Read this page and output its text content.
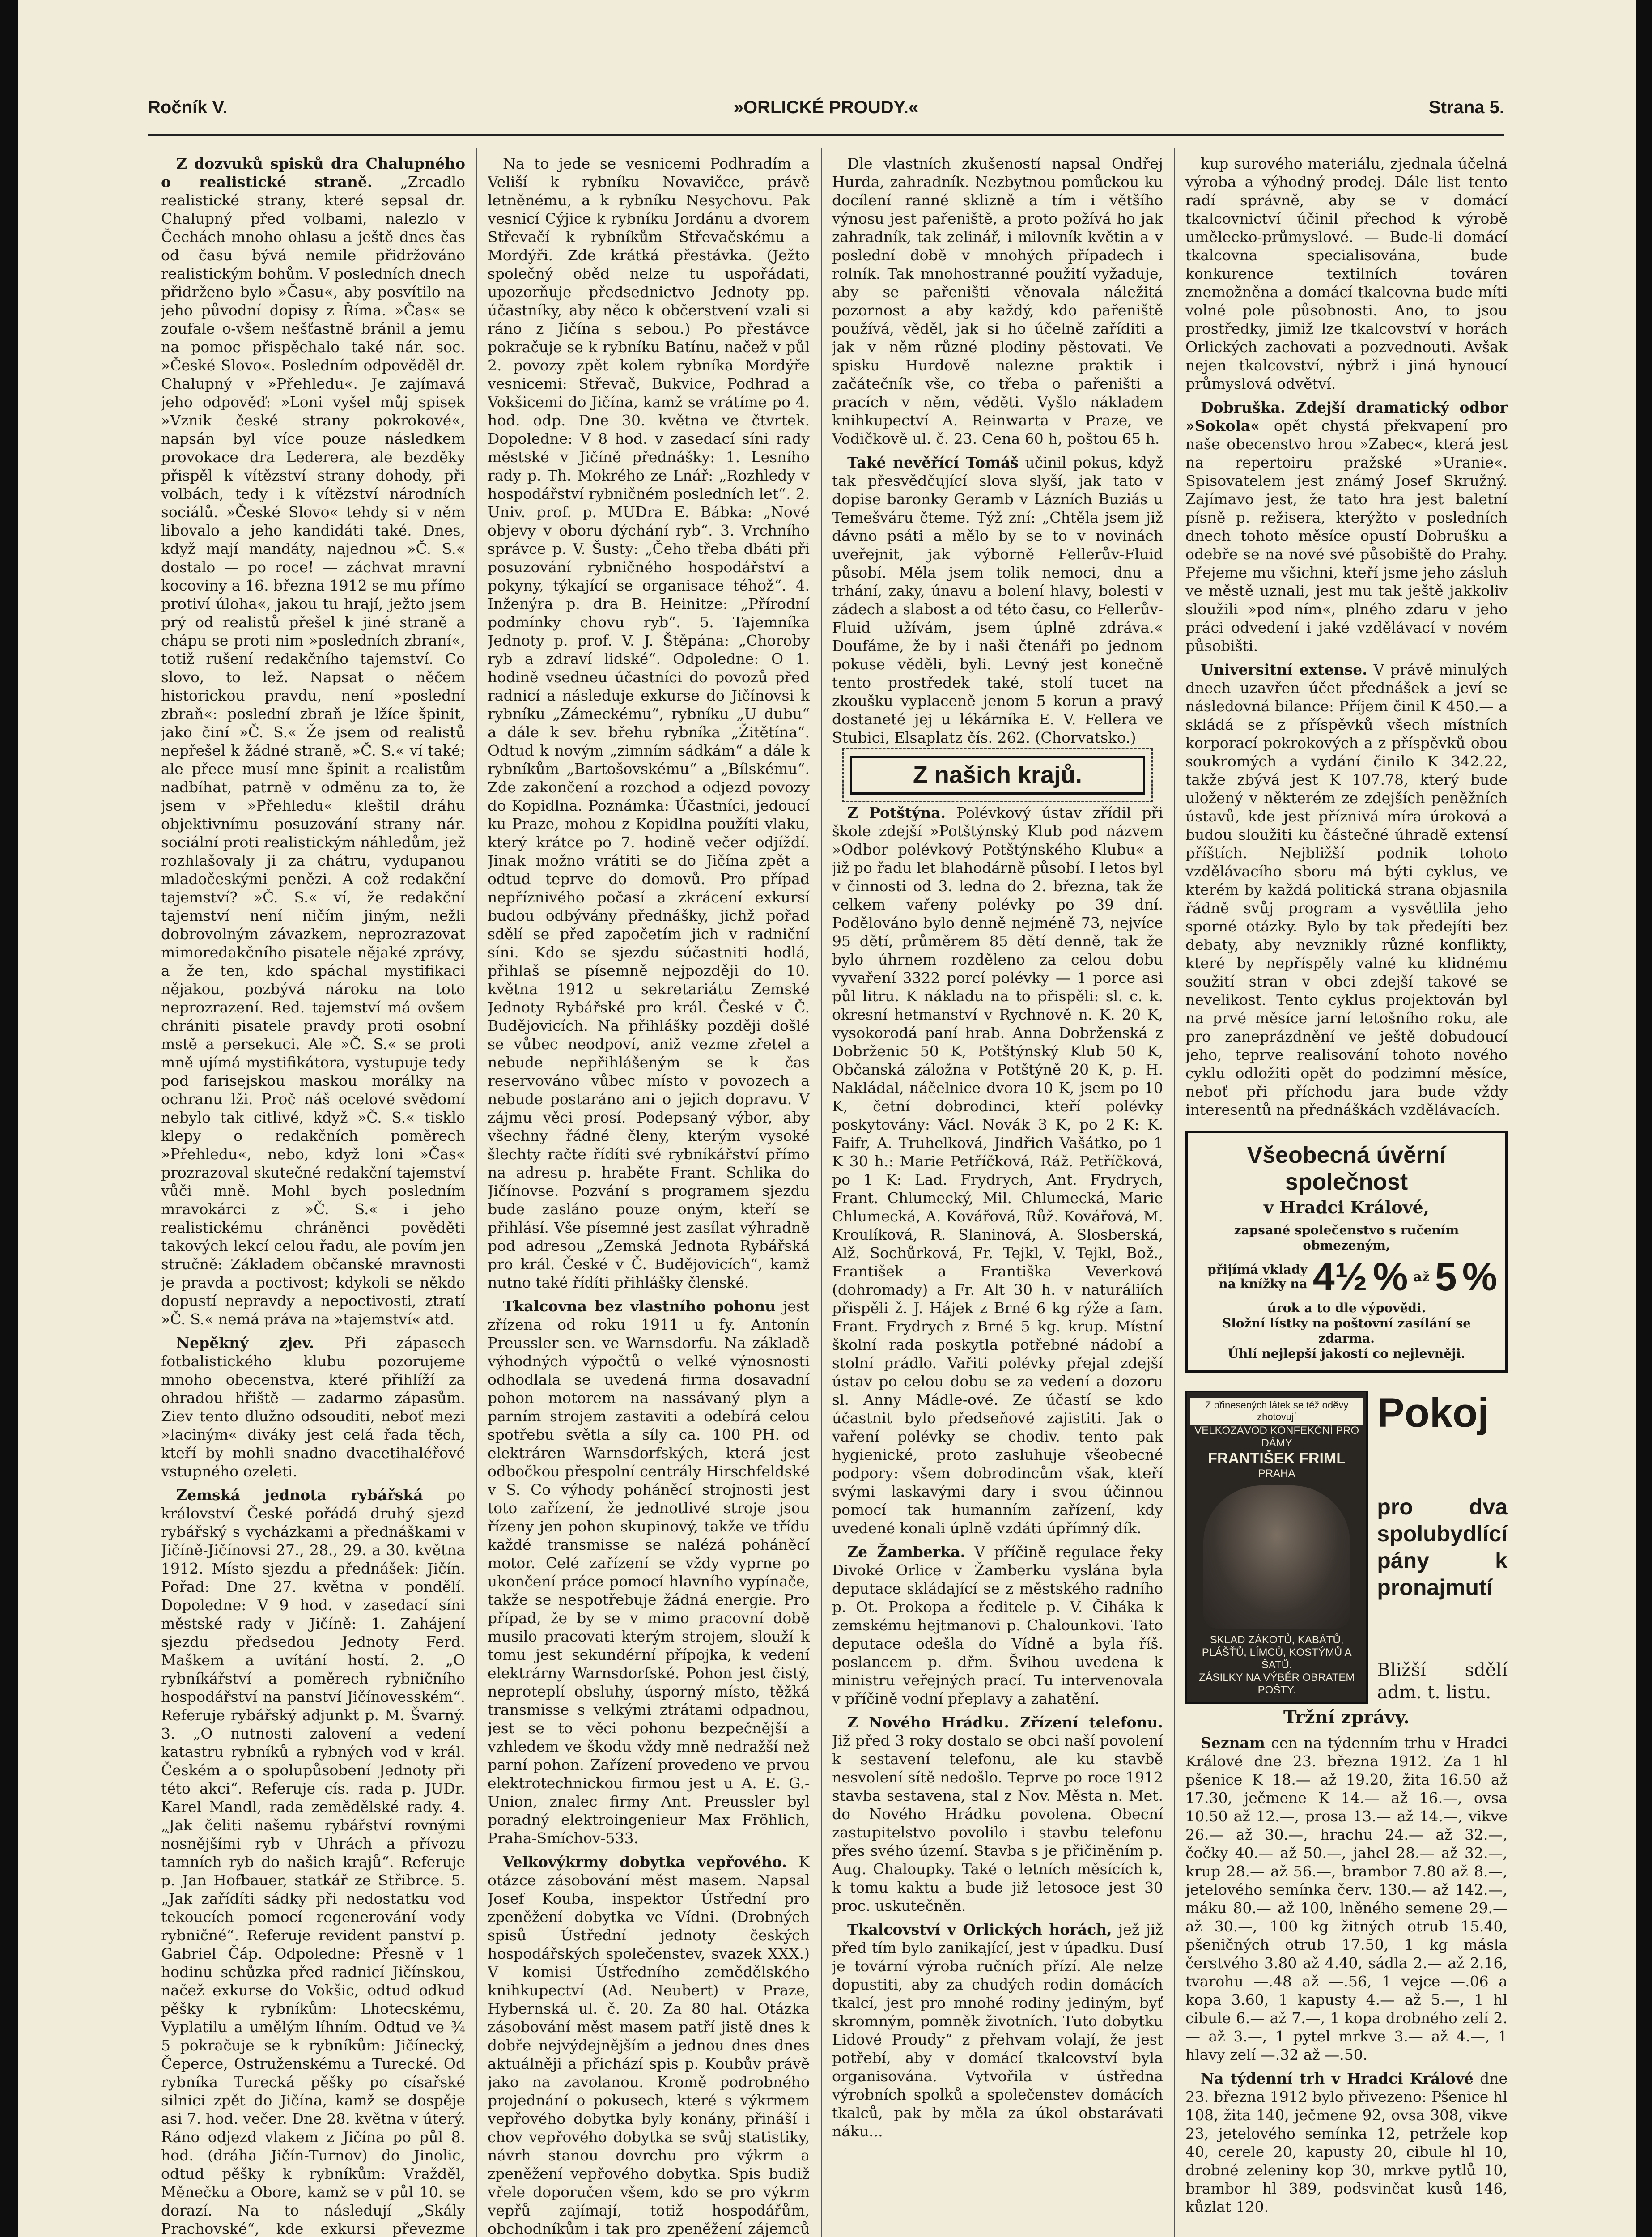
Ročník V.	»ORLICKÉ PROUDY.«	Strana 5.

Z dozvuků spisků dra Chalupného o realistické straně. „Zrcadlo realistické strany, které sepsal dr. Chalupný před volbami, nalezlo v Čechách mnoho ohlasu a ještě dnes čas od času bývá nemile přidržováno realistickým bohům. V posledních dnech přidrženo bylo »Času«, aby posvítilo na jeho původní dopisy z Říma. »Čas« se zoufale o-všem nešťastně bránil a jemu na pomoc přispěchalo také nár. soc. »České Slovo«. Posledním odpověděl dr. Chalupný v »Přehledu«. Je zajímavá jeho odpověď: »Loni vyšel můj spisek »Vznik české strany pokrokové«, napsán byl více pouze následkem provokace dra Lederera, ale bezděky přispěl k vítězství strany dohody, při volbách, tedy i k vítězství národních sociálů. »České Slovo« tehdy si v něm libovalo a jeho kandidáti také. Dnes, když mají mandáty, najednou »Č. S.« dostalo — po roce! — záchvat mravní kocoviny a 16. března 1912 se mu přímo protiví úloha«, jakou tu hrají, ježto jsem prý od realistů přešel k jiné straně a chápu se proti nim »posledních zbraní«, totiž rušení redakčního tajemství. Co slovo, to lež. Napsat o něčem historickou pravdu, není »poslední zbraň«: poslední zbraň je lžíce špinit, jako činí »Č. S.« Že jsem od realistů nepřešel k žádné straně, »Č. S.« ví také; ale přece musí mne špinit a realistům nadbíhat, patrně v odměnu za to, že jsem v »Přehledu« kleštil dráhu objektivnímu posuzování strany nár. sociální proti realistickým náhledům, jež rozhlašovaly ji za chátru, vydupanou mladočeskými penězi. A což redakční tajemství? »Č. S.« ví, že redakční tajemství není ničím jiným, nežli dobrovolným závazkem, neprozrazovat mimoredakčního pisatele nějaké zprávy, a že ten, kdo spáchal mystifikaci nějakou, pozbývá nároku na toto neprozrazení. Red. tajemství má ovšem chrániti pisatele pravdy proti osobní mstě a persekuci. Ale »Č. S.« se proti mně ujímá mystifikátora, vystupuje tedy pod farisejskou maskou morálky na ochranu lži. Proč náš ocelové svědomí nebylo tak citlivé, když »Č. S.« tisklo klepy o redakčních poměrech »Přehledu«, nebo, když loni »Čas« prozrazoval skutečné redakční tajemství vůči mně. Mohl bych posledním mravokárci z »Č. S.« i jeho realistickému chráněnci pověděti takových lekcí celou řadu, ale povím jen stručně: Základem občanské mravnosti je pravda a poctivost; kdykoli se někdo dopustí nepravdy a nepoctivosti, ztratí »Č. S.« nemá práva na »tajemství« atd.

Nepěkný zjev. Při zápasech fotbalistického klubu pozorujeme mnoho obecenstva, které přihlíží za ohradou hřiště — zadarmo zápasům. Ziev tento dlužno odsouditi, neboť mezi »laciným« diváky jest celá řada těch, kteří by mohli snadno dvacetihaléřové vstupného ozeleti.

Zemská jednota rybářská po království České pořádá druhý sjezd rybářský s vycházkami a přednáškami v Jičíně-Jičínovsi 27., 28., 29. a 30. května 1912. Místo sjezdu a přednášek: Jičín. Pořad: Dne 27. května v pondělí. Dopoledne: V 9 hod. v zasedací síni městské rady v Jičíně: 1. Zahájení sjezdu předsedou Jednoty Ferd. Maškem a uvítání hostí. 2. „O rybníkářství a poměrech rybničního hospodářství na panství Jičínovesském“. Referuje rybářský adjunkt p. M. Švarný. 3. „O nutnosti zalovení a vedení katastru rybníků a rybných vod v král. Českém a o spolupůsobení Jednoty při této akci“. Referuje cís. rada p. JUDr. Karel Mandl, rada zemědělské rady. 4. „Jak čeliti našemu rybářství rovnými nosnějšími ryb v Uhrách a přívozu tamních ryb do našich krajů“. Referuje p. Jan Hofbauer, statkář ze Střibrce. 5. „Jak zařídíti sádky při nedostatku vod tekoucích pomocí regenerování vody rybničné“. Referuje revident panství p. Gabriel Čáp. Odpoledne: Přesně v 1 hodinu schůzka před radnicí Jičínskou, načež exkurse do Vokšic, odtud odkud pěšky k rybníkům: Lhotecskému, Vyplatilu a umělým líhním. Odtud ve ¾ 5 pokračuje se k rybníkům: Jičínecký, Čeperce, Ostruženskému a Turecké. Od rybníka Turecká pěšky po císařské silnici zpět do Jičína, kamž se dospěje asi 7. hod. večer. Dne 28. května v úterý. Ráno odjezd vlakem z Jičína po půl 8. hod. (dráha Jičín-Turnov) do Jinolic, odtud pěšky k rybníkům: Vražděl, Měnečku a Obore, kamž se v půl 10. se dorazí. Na to následují „Skály Prachovské“, kde exkursi převezme

Na to jede se vesnicemi Podhradím a Veliší k rybníku Novavičce, právě letněnému, a k rybníku Nesychovu. Pak vesnicí Cýjice k rybníku Jordánu a dvorem Střevačí k rybníkům Střevačskému a Mordýři. Zde krátká přestávka. (Ježto společný oběd nelze tu uspořádati, upozorňuje předsednictvo Jednoty pp. účastníky, aby něco k občerstvení vzali si ráno z Jičína s sebou.) Po přestávce pokračuje se k rybníku Batínu, načež v půl 2. povozy zpět kolem rybníka Mordýře vesnicemi: Střevač, Bukvice, Podhrad a Vokšicemi do Jičína, kamž se vrátíme po 4. hod. odp. Dne 30. května ve čtvrtek. Dopoledne: V 8 hod. v zasedací síni rady městské v Jičíně přednášky: 1. Lesního rady p. Th. Mokrého ze Lnář: „Rozhledy v hospodářství rybničném posledních let“. 2. Univ. prof. p. MUDra E. Bábka: „Nové objevy v oboru dýchání ryb“. 3. Vrchního správce p. V. Šusty: „Čeho třeba dbáti při posuzování rybničného hospodářství a pokyny, týkající se organisace téhož“. 4. Inženýra p. dra B. Heinitze: „Přírodní podmínky chovu ryb“. 5. Tajemníka Jednoty p. prof. V. J. Štěpána: „Choroby ryb a zdraví lidské“. Odpoledne: O 1. hodině vsedneu účastníci do povozů před radnicí a následuje exkurse do Jičínovsi k rybníku „Zámeckému“, rybníku „U dubu“ a dále k sev. břehu rybníka „Žitětína“. Odtud k novým „zimním sádkám“ a dále k rybníkům „Bartošovskému“ a „Bílskému“. Zde zakončení a rozchod a odjezd povozy do Kopidlna. Poznámka: Účastníci, jedoucí ku Praze, mohou z Kopidlna použíti vlaku, který krátce po 7. hodině večer odjíždí. Jinak možno vrátiti se do Jičína zpět a odtud teprve do domovů. Pro případ nepříznivého počasí a zkrácení exkursí budou odbývány přednášky, jichž pořad sdělí se před započetím jich v radniční síni. Kdo se sjezdu súčastniti hodlá, přihlaš se písemně nejpozději do 10. května 1912 u sekretariátu Zemské Jednoty Rybářské pro král. České v Č. Budějovicích. Na přihlášky později došlé se vůbec neodpoví, aniž vezme zřetel a nebude nepřihlášeným se k čas reservováno vůbec místo v povozech a nebude postaráno ani o jejich dopravu. V zájmu věci prosí. Podepsaný výbor, aby všechny řádné členy, kterým vysoké šlechty račte řídíti své rybníkářství přímo na adresu p. hraběte Frant. Schlika do Jičínovse. Pozvání s programem sjezdu bude zasláno pouze oným, kteří se přihlásí. Vše písemné jest zasílat výhradně pod adresou „Zemská Jednota Rybářská pro král. České v Č. Budějovicích“, kamž nutno také řídíti přihlášky členské.

Tkalcovna bez vlastního pohonu jest zřízena od roku 1911 u fy. Antonín Preussler sen. ve Warnsdorfu. Na základě výhodných výpočtů o velké výnosnosti odhodlala se uvedená firma dosavadní pohon motorem na nassávaný plyn a parním strojem zastaviti a odebírá celou spotřebu světla a síly ca. 100 PH. od elektráren Warnsdorfských, která jest odbočkou přespolní centrály Hirschfeldské v S. Co výhody poháněcí strojnosti jest toto zařízení, že jednotlivé stroje jsou řízeny jen pohon skupinový, takže ve třídu každé transmisse se nalézá poháněcí motor. Celé zařízení se vždy vyprne po ukončení práce pomocí hlavního vypínače, takže se nespotřebuje žádná energie. Pro případ, že by se v mimo pracovní době musilo pracovati kterým strojem, slouží k tomu jest sekundérní přípojka, k vedení elektrárny Warnsdorfské. Pohon jest čistý, neproteplí obsluhy, úsporný místo, těžká transmisse s velkými ztrátami odpadnou, jest se to věci pohonu bezpečnější a vzhledem ve škodu vždy mně nedražší než parní pohon. Zařízení provedeno ve prvou elektrotechnickou firmou jest u A. E. G.-Union, znalec firmy Ant. Preussler byl poradný elektroingenieur Max Fröhlich, Praha-Smíchov-533.

Velkovýkrmy dobytka vepřového. K otázce zásobování měst masem. Napsal Josef Kouba, inspektor Ústřední pro zpeněžení dobytka ve Vídni. (Drobných spisů Ústřední jednoty českých hospodářských společenstev, svazek XXX.) V komisi Ústředního zemědělského knihkupectví (Ad. Neubert) v Praze, Hybernská ul. č. 20. Za 80 hal. Otázka zásobování měst masem patří jistě dnes k dobře nejvýdejnějším a jednou dnes dnes aktuálněji a přichází spis p. Koubův právě jako na zavolanou. Kromě podrobného projednání o pokusech, které s výkrmem vepřového dobytka byly konány, přináší i chov vepřového dobytka se svůj statistiky, návrh stanou dovrchu pro výkrm a zpeněžení vepřového dobytka. Spis budiž vřele doporučen všem, kdo se pro výkrm vepřů zajímají, totiž hospodářům, obchodníkům i tak pro zpeněžení zájemců

Dle vlastních zkušeností napsal Ondřej Hurda, zahradník. Nezbytnou pomůckou ku docílení ranné sklizně a tím i většího výnosu jest pařeniště, a proto požívá ho jak zahradník, tak zelinář, i milovník květin a v poslední době v mnohých případech i rolník. Tak mnohostranné použití vyžaduje, aby se pařeništi věnovala náležitá pozornost a aby každý, kdo pařeniště používá, věděl, jak si ho účelně zaříditi a jak v něm různé plodiny pěstovati. Ve spisku Hurdově nalezne praktik i začátečník vše, co třeba o pařeništi a pracích v něm, věděti. Vyšlo nákladem knihkupectví A. Reinwarta v Praze, ve Vodičkově ul. č. 23. Cena 60 h, poštou 65 h.

Také nevěřící Tomáš učinil pokus, když tak přesvědčující slova slyší, jak tato v dopise baronky Geramb v Lázních Buziás u Temešváru čteme. Týž zní: „Chtěla jsem již dávno psáti a mělo by se to v novinách uveřejnit, jak výborně Fellerův-Fluid působí. Měla jsem tolik nemoci, dnu a trhání, zaky, únavu a bolení hlavy, bolesti v zádech a slabost a od této času, co Fellerův-Fluid užívám, jsem úplně zdráva.« Doufáme, že by i naši čtenáři po jednom pokuse věděli, byli. Levný jest konečně tento prostředek také, stolí tucet na zkoušku vyplaceně jenom 5 korun a pravý dostaneté jej u lékárníka E. V. Fellera ve Stubici, Elsaplatz čís. 262. (Chorvatsko.)

Z našich krajů.

Z Potštýna. Polévkový ústav zřídil při škole zdejší »Potštýnský Klub pod názvem »Odbor polévkový Potštýnského Klubu« a již po řadu let blahodárně působí. I letos byl v činnosti od 3. ledna do 2. března, tak že celkem vařeny polévky po 39 dní. Podělováno bylo denně nejméně 73, nejvíce 95 dětí, průměrem 85 dětí denně, tak že bylo úhrnem rozděleno za celou dobu vyvaření 3322 porcí polévky — 1 porce asi půl litru. K nákladu na to přispěli: sl. c. k. okresní hetmanství v Rychnově n. K. 20 K, vysokorodá paní hrab. Anna Dobrženská z Dobrženic 50 K, Potštýnský Klub 50 K, Občanská záložna v Potštýně 20 K, p. H. Nakládal, náčelnice dvora 10 K, jsem po 10 K, četní dobrodinci, kteří polévky poskytovány: Václ. Novák 3 K, po 2 K: K. Faifr, A. Truhelková, Jindřich Vašátko, po 1 K 30 h.: Marie Petříčková, Ráž. Petříčková, po 1 K: Lad. Frydrych, Ant. Frydrych, Frant. Chlumecký, Mil. Chlumecká, Marie Chlumecká, A. Kovářová, Růž. Kovářová, M. Kroulíková, R. Slaninová, A. Slosberská, Alž. Sochůrková, Fr. Tejkl, V. Tejkl, Bož., František a Františka Veverková (dohromady) a Fr. Alt 30 h. v naturáliích přispěli ž. J. Hájek z Brné 6 kg rýže a fam. Frant. Frydrych z Brné 5 kg. krup. Místní školní rada poskytla potřebné nádobí a stolní prádlo. Vařiti polévky přejal zdejší ústav po celou dobu se za vedení a dozoru sl. Anny Mádle-ové. Ze účastí se kdo účastnit bylo předseňové zajistiti. Jak o vaření polévky se chodiv. tento pak hygienické, proto zasluhuje všeobecné podpory: všem dobrodincům však, kteří svými laskavými dary i svou účinnou pomocí tak humanním zařízení, kdy uvedené konali úplně vzdáti úpřímný dík.

Ze Žamberka. V příčině regulace řeky Divoké Orlice v Žamberku vyslána byla deputace skládající se z městského radního p. Ot. Prokopa a ředitele p. V. Čiháka k zemskému hejtmanovi p. Chalounkovi. Tato deputace odešla do Vídně a byla říš. poslancem p. dřm. Švihou uvedena k ministru veřejných prací. Tu intervenovala v příčině vodní přeplavy a zahatění.

Z Nového Hrádku. Zřízení telefonu. Již před 3 roky dostalo se obci naší povolení k sestavení telefonu, ale ku stavbě nesvolení sítě nedošlo. Teprve po roce 1912 stavba sestavena, stal z Nov. Města n. Met. do Nového Hrádku povolena. Obecní zastupitelstvo povolilo i stavbu telefonu přes svého území. Stavba s je přičiněním p. Aug. Chaloupky. Také o letních měsících k, k tomu kaktu a bude již letosoce jest 30 proc. uskutečněn.

Tkalcovství v Orlických horách, jež již před tím bylo zanikající, jest v úpadku. Dusí je tovární výroba ručních přízí. Ale nelze dopustiti, aby za chudých rodin domácích tkalcí, jest pro mnohé rodiny jediným, byť skromným, pomněk životních. Tuto dobytku Lidové Proudy“ z přehvam volají, že jest potřebí, aby v domácí tkalcovství byla organisována. Vytvořila v ústředna výrobních spolků a společenstev domácích tkalců, pak by měla za úkol obstarávati náku...

kup surového materiálu, zjednala účelná výroba a výhodný prodej. Dále list tento radí správně, aby se v domácí tkalcovnictví účinil přechod k výrobě umělecko-průmyslové. — Bude-li domácí tkalcovna specialisována, bude konkurence textilních továren znemožněna a domácí tkalcovna bude míti volné pole působnosti. Ano, to jsou prostředky, jimiž lze tkalcovství v horách Orlických zachovati a pozvednouti. Avšak nejen tkalcovství, nýbrž i jiná hynoucí průmyslová odvětví.

Dobruška. Zdejší dramatický odbor »Sokola« opět chystá překvapení pro naše obecenstvo hrou »Zabec«, která jest na repertoiru pražské »Uranie«. Spisovatelem jest známý Josef Skružný. Zajímavo jest, že tato hra jest baletní písně p. režisera, kterýžto v posledních dnech tohoto měsíce opustí Dobrušku a odebře se na nové své působiště do Prahy. Přejeme mu všichni, kteří jsme jeho zásluh ve městě uznali, jest mu tak ještě jakkoliv sloužili »pod ním«, plného zdaru v jeho práci odvedení i jaké vzdělávací v novém působišti.

Universitní extense. V právě minulých dnech uzavřen účet přednášek a jeví se následovná bilance: Příjem činil K 450.— a skládá se z příspěvků všech místních korporací pokrokových a z příspěvků obou soukromých a vydání činilo K 342.22, takže zbývá jest K 107.78, který bude uložený v některém ze zdejších peněžních ústavů, kde jest příznivá míra úroková a budou sloužiti ku částečné úhradě extensí příštích. Nejbližší podnik tohoto vzdělávacího sboru má býti cyklus, ve kterém by každá politická strana objasnila řádně svůj program a vysvětlila jeho sporné otázky. Bylo by tak předejíti bez debaty, aby nevznikly různé konflikty, které by nepříspěly valné ku klidnému soužití stran v obci zdejší takové se nevelikost. Tento cyklus projektován byl na prvé měsíce jarní letošního roku, ale pro zaneprázdnění ve ještě dobudoucí jeho, teprve realisování tohoto nového cyklu odložiti opět do podzimní měsíce, neboť při příchodu jara bude vždy interesentů na přednáškách vzdělávacích.

Všeobecná úvěrní společnost
v Hradci Králové,
zapsané společenstvo s ručením obmezeným,
přijímá vklady na knížky na 4½ % až 5 %
úrok a to dle výpovědi.
Složní lístky na poštovní zasílání se zdarma.
Úhlí nejlepší jakostí co nejlevněji.
Z přinesených látek se též oděvy zhotovují
VELKOZÁVOD KONFEKČNÍ PRO DÁMY
FRANTIŠEK FRIML
PRAHA
SKLAD ZÁKOTŮ, KABÁTŮ, PLÁŠŤŮ, LÍMCŮ, KOSTÝMŮ A ŠATŮ.
ZÁSILKY NA VÝBĚR OBRATEM POŠTY.
Pokoj
pro dva spolubydlící pány k pronajmutí
Bližší sdělí adm. t. listu.
Tržní zprávy.

Seznam cen na týdenním trhu v Hradci Králové dne 23. března 1912. Za 1 hl pšenice K 18.— až 19.20, žita 16.50 až 17.30, ječmene K 14.— až 16.—, ovsa 10.50 až 12.—, prosa 13.— až 14.—, vikve 26.— až 30.—, hrachu 24.— až 32.—, čočky 40.— až 50.—, jahel 28.— až 32.—, krup 28.— až 56.—, brambor 7.80 až 8.—, jetelového semínka červ. 130.— až 142.—, máku 80.— až 100, lněného semene 29.— až 30.—, 100 kg žitných otrub 15.40, pšeničných otrub 17.50, 1 kg másla čerstvého 3.80 až 4.40, sádla 2.— až 2.16, tvarohu —.48 až —.56, 1 vejce —.06 a kopa 3.60, 1 kapusty 4.— až 5.—, 1 hl cibule 6.— až 7.—, 1 kopa drobného zelí 2.— až 3.—, 1 pytel mrkve 3.— až 4.—, 1 hlavy zelí —.32 až —.50.

Na týdenní trh v Hradci Králové dne 23. března 1912 bylo přivezeno: Pšenice hl 108, žita 140, ječmene 92, ovsa 308, vikve 23, jetelového semínka 12, petržele kop 40, cerele 20, kapusty 20, cibule hl 10, drobné zeleniny kop 30, mrkve pytlů 10, brambor hl 389, podsvinčat kusů 146, kůzlat 120.
